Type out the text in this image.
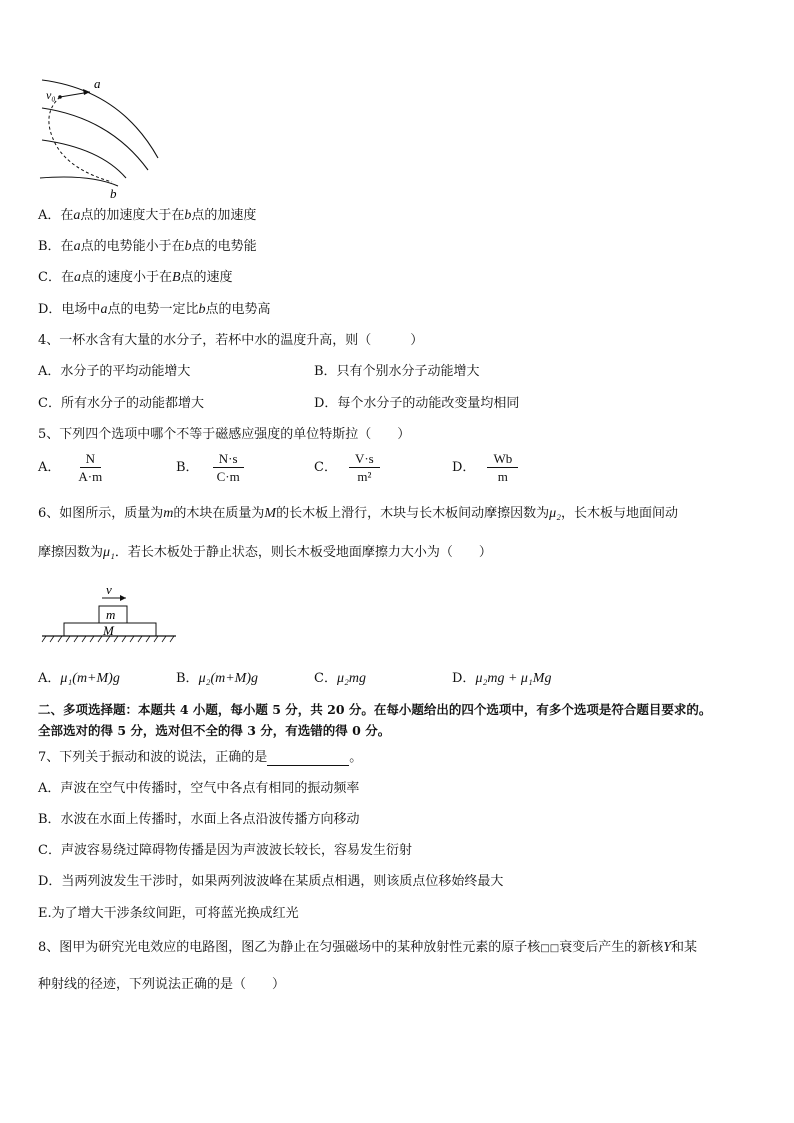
v₀
a
b
A．在a点的加速度大于在b点的加速度
B．在a点的电势能小于在b点的电势能
C．在a点的速度小于在B点的速度
D．电场中a点的电势一定比b点的电势高
4、一杯水含有大量的水分子，若杯中水的温度升高，则（　　　）
A．水分子的平均动能增大	B．只有个别水分子动能增大
C．所有水分子的动能都增大	D．每个水分子的动能改变量均相同
5、下列四个选项中哪个不等于磁感应强度的单位特斯拉（　　）
A． $\frac{N}{A\cdot m}$	B． $\frac{N\cdot s}{C\cdot m}$	C． $\frac{V\cdot s}{\text{m²}}$	D． $\frac{Wb}{m}$
6、如图所示，质量为m的木块在质量为M的长木板上滑行，木块与长木板间动摩擦因数为μ₂，长木板与地面间动
摩擦因数为μ₁．若长木板处于静止状态，则长木板受地面摩擦力大小为（　　）
v
m
M
A．μ₁(m+M)g	B．μ₂(m+M)g	C．μ₂mg	D．μ₂mg + μ₁Mg
二、多项选择题：本题共 4 小题，每小题 5 分，共 20 分。在每小题给出的四个选项中，有多个选项是符合题目要求的。
全部选对的得 5 分，选对但不全的得 3 分，有选错的得 0 分。
7、下列关于振动和波的说法，正确的是	。
A．声波在空气中传播时，空气中各点有相同的振动频率
B．水波在水面上传播时，水面上各点沿波传播方向移动
C．声波容易绕过障碍物传播是因为声波波长较长，容易发生衍射
D．当两列波发生干涉时，如果两列波波峰在某质点相遇，则该质点位移始终最大
E.为了增大干涉条纹间距，可将蓝光换成红光
8、图甲为研究光电效应的电路图，图乙为静止在匀强磁场中的某种放射性元素的原子核□□衰变后产生的新核Y和某
种射线的径迹，下列说法正确的是（　　）
